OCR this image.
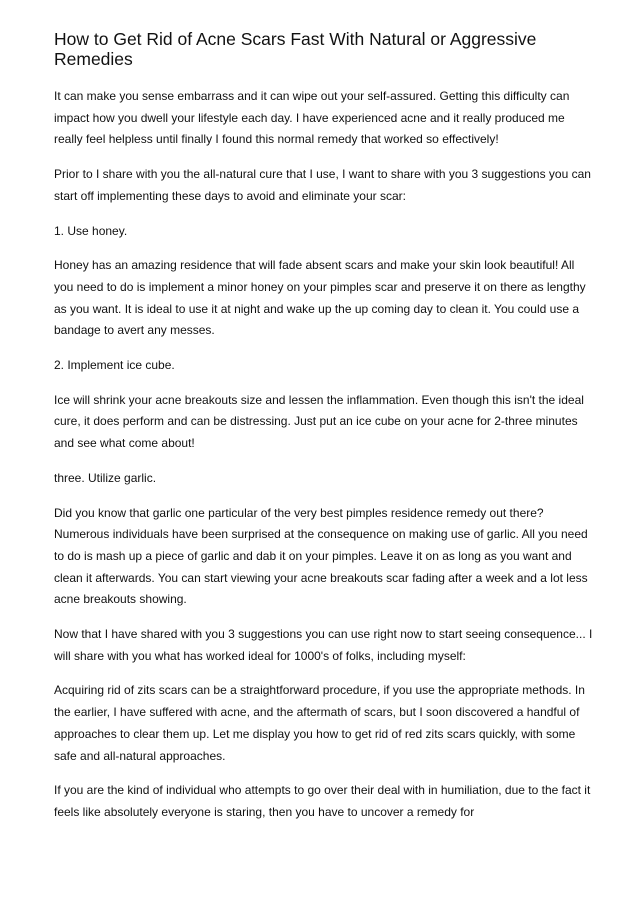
How to Get Rid of Acne Scars Fast With Natural or Aggressive Remedies

It can make you sense embarrass and it can wipe out your self-assured. Getting this difficulty can impact how you dwell your lifestyle each day. I have experienced acne and it really produced me really feel helpless until finally I found this normal remedy that worked so effectively!

Prior to I share with you the all-natural cure that I use, I want to share with you 3 suggestions you can start off implementing these days to avoid and eliminate your scar:

1. Use honey.

Honey has an amazing residence that will fade absent scars and make your skin look beautiful! All you need to do is implement a minor honey on your pimples scar and preserve it on there as lengthy as you want. It is ideal to use it at night and wake up the up coming day to clean it. You could use a bandage to avert any messes.

2. Implement ice cube.

Ice will shrink your acne breakouts size and lessen the inflammation. Even though this isn't the ideal cure, it does perform and can be distressing. Just put an ice cube on your acne for 2-three minutes and see what come about!

three. Utilize garlic.

Did you know that garlic one particular of the very best pimples residence remedy out there? Numerous individuals have been surprised at the consequence on making use of garlic. All you need to do is mash up a piece of garlic and dab it on your pimples. Leave it on as long as you want and clean it afterwards. You can start viewing your acne breakouts scar fading after a week and a lot less acne breakouts showing.

Now that I have shared with you 3 suggestions you can use right now to start seeing consequence... I will share with you what has worked ideal for 1000's of folks, including myself:

Acquiring rid of zits scars can be a straightforward procedure, if you use the appropriate methods. In the earlier, I have suffered with acne, and the aftermath of scars, but I soon discovered a handful of approaches to clear them up. Let me display you how to get rid of red zits scars quickly, with some safe and all-natural approaches.

If you are the kind of individual who attempts to go over their deal with in humiliation, due to the fact it feels like absolutely everyone is staring, then you have to uncover a remedy for
